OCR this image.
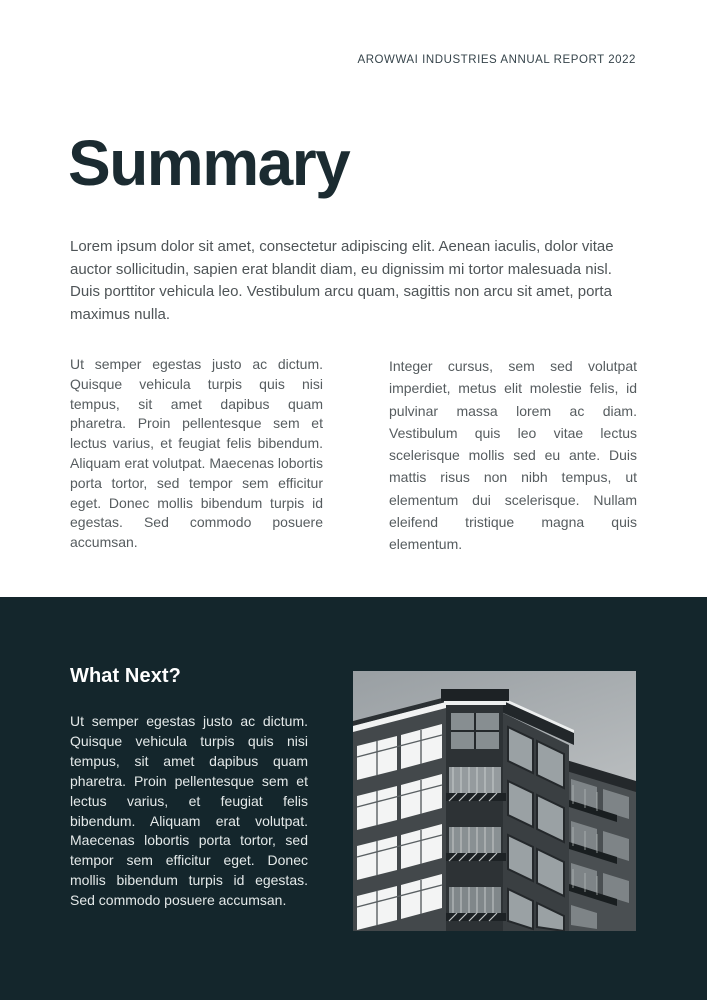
AROWWAI INDUSTRIES ANNUAL REPORT 2022
Summary

Lorem ipsum dolor sit amet, consectetur adipiscing elit. Aenean iaculis, dolor vitae auctor sollicitudin, sapien erat blandit diam, eu dignissim mi tortor malesuada nisl. Duis porttitor vehicula leo. Vestibulum arcu quam, sagittis non arcu sit amet, porta maximus nulla.

Ut semper egestas justo ac dictum. Quisque vehicula turpis quis nisi tempus, sit amet dapibus quam pharetra. Proin pellentesque sem et lectus varius, et feugiat felis bibendum. Aliquam erat volutpat. Maecenas lobortis porta tortor, sed tempor sem efficitur eget. Donec mollis bibendum turpis id egestas. Sed commodo posuere accumsan.

Integer cursus, sem sed volutpat imperdiet, metus elit molestie felis, id pulvinar massa lorem ac diam. Vestibulum quis leo vitae lectus scelerisque mollis sed eu ante. Duis mattis risus non nibh tempus, ut elementum dui scelerisque. Nullam eleifend tristique magna quis elementum.

What Next?

Ut semper egestas justo ac dictum. Quisque vehicula turpis quis nisi tempus, sit amet dapibus quam pharetra. Proin pellentesque sem et lectus varius, et feugiat felis bibendum. Aliquam erat volutpat. Maecenas lobortis porta tortor, sed tempor sem efficitur eget. Donec mollis bibendum turpis id egestas. Sed commodo posuere accumsan.
